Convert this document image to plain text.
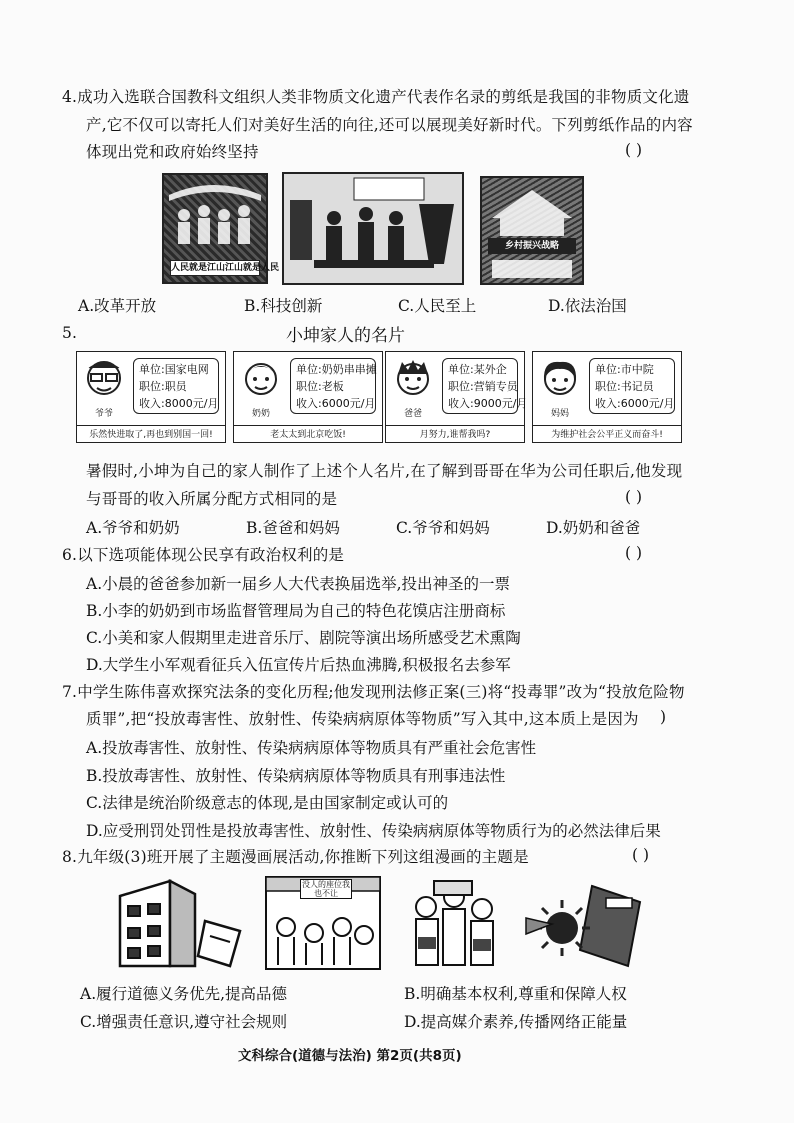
4.成功入选联合国教科文组织人类非物质文化遗产代表作名录的剪纸是我国的非物质文化遗
产,它不仅可以寄托人们对美好生活的向往,还可以展现美好新时代。下列剪纸作品的内容
体现出党和政府始终坚持	( )
人民就是江山江山就是人民
乡村振兴战略
A.改革开放	B.科技创新	C.人民至上	D.依法治国
5.	小坤家人的名片
爷爷
单位:国家电网
职位:职员
收入:8000元/月
乐然快进取了,再也到别国一回!
奶奶
单位:奶奶串串摊
职位:老板
收入:6000元/月
老太太到北京吃饭!
爸爸
单位:某外企
职位:营销专员
收入:9000元/月
月努力,谁帮我吗?
妈妈
单位:市中院
职位:书记员
收入:6000元/月
为维护社会公平正义而奋斗!
暑假时,小坤为自己的家人制作了上述个人名片,在了解到哥哥在华为公司任职后,他发现
与哥哥的收入所属分配方式相同的是	( )
A.爷爷和奶奶	B.爸爸和妈妈	C.爷爷和妈妈	D.奶奶和爸爸
6.以下选项能体现公民享有政治权利的是	( )
A.小晨的爸爸参加新一届乡人大代表换届选举,投出神圣的一票
B.小李的奶奶到市场监督管理局为自己的特色花馍店注册商标
C.小美和家人假期里走进音乐厅、剧院等演出场所感受艺术熏陶
D.大学生小军观看征兵入伍宣传片后热血沸腾,积极报名去参军
7.中学生陈伟喜欢探究法条的变化历程;他发现刑法修正案(三)将“投毒罪”改为“投放危险物
质罪”,把“投放毒害性、放射性、传染病病原体等物质”写入其中,这本质上是因为 )
A.投放毒害性、放射性、传染病病原体等物质具有严重社会危害性
B.投放毒害性、放射性、传染病病原体等物质具有刑事违法性
C.法律是统治阶级意志的体现,是由国家制定或认可的
D.应受刑罚处罚性是投放毒害性、放射性、传染病病原体等物质行为的必然法律后果
8.九年级(3)班开展了主题漫画展活动,你推断下列这组漫画的主题是	( )
没人的座位我也不让
A.履行道德义务优先,提高品德	B.明确基本权利,尊重和保障人权
C.增强责任意识,遵守社会规则	D.提高媒介素养,传播网络正能量
文科综合(道德与法治) 第2页(共8页)
